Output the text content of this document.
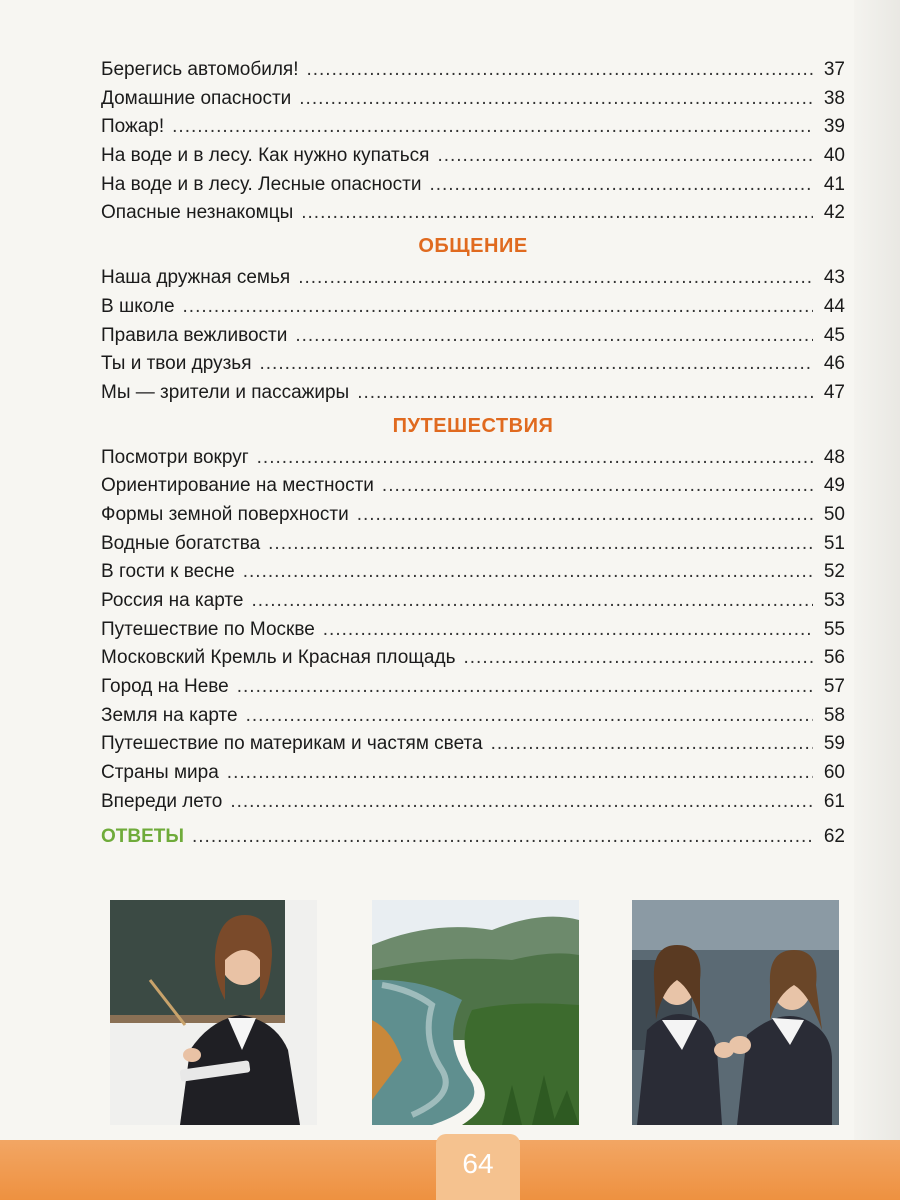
Берегись автомобиля! .....	37
Домашние опасности .....	38
Пожар! .....	39
На воде и в лесу. Как нужно купаться .....	40
На воде и в лесу. Лесные опасности .....	41
Опасные незнакомцы .....	42
ОБЩЕНИЕ
Наша дружная семья .....	43
В школе .....	44
Правила вежливости .....	45
Ты и твои друзья .....	46
Мы — зрители и пассажиры .....	47
ПУТЕШЕСТВИЯ
Посмотри вокруг .....	48
Ориентирование на местности .....	49
Формы земной поверхности .....	50
Водные богатства .....	51
В гости к весне .....	52
Россия на карте .....	53
Путешествие по Москве .....	55
Московский Кремль и Красная площадь .....	56
Город на Неве .....	57
Земля на карте .....	58
Путешествие по материкам и частям света .....	59
Страны мира .....	60
Впереди лето .....	61
ОТВЕТЫ .....	62
64
